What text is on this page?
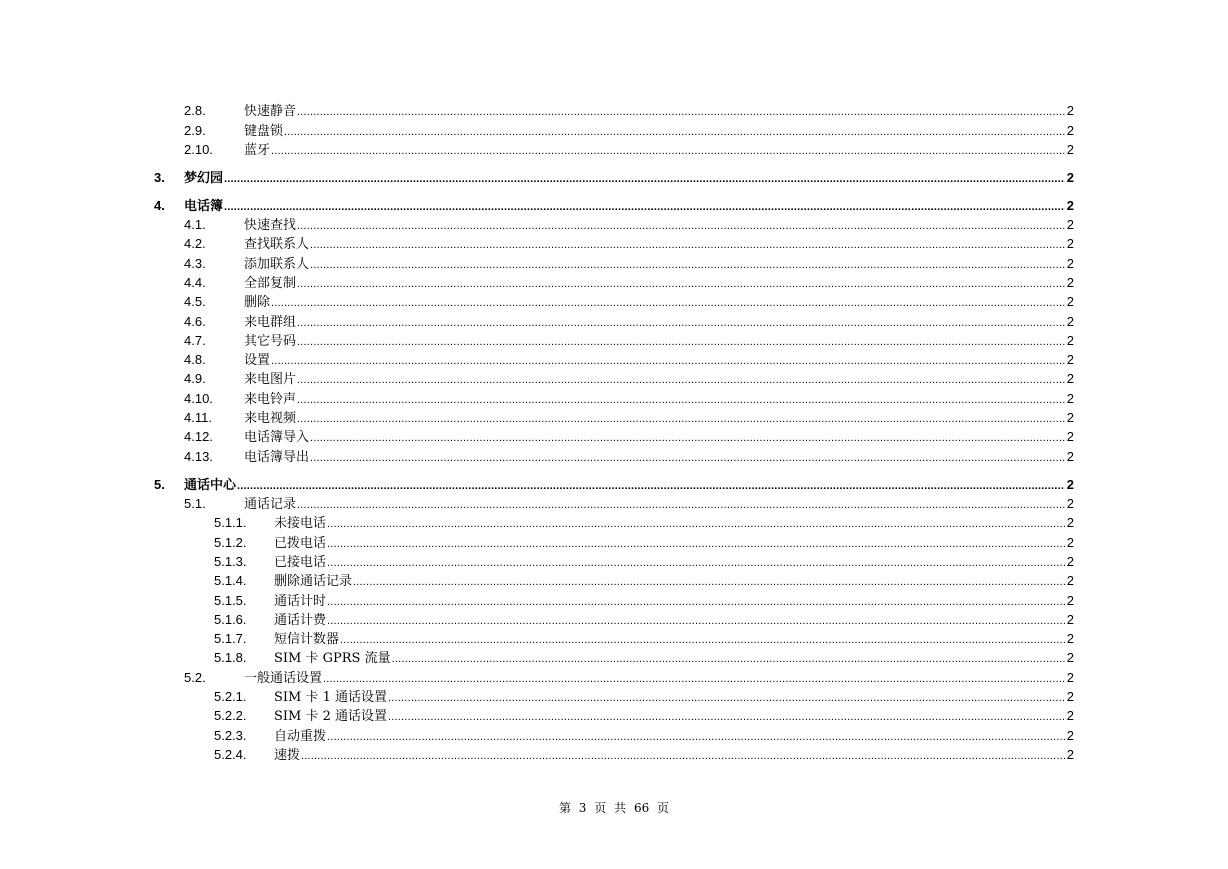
2.8.	快速静音 .....	2
2.9.	键盘锁 .....	2
2.10. 蓝牙 .....	2
3. 梦幻园 .....	2
4. 电话簿 .....	2
4.1.	快速查找 .....	2
4.2.	查找联系人 .....	2
4.3.	添加联系人 .....	2
4.4.	全部复制 .....	2
4.5.	删除 .....	2
4.6.	来电群组 .....	2
4.7.	其它号码 .....	2
4.8.	设置 .....	2
4.9.	来电图片 .....	2
4.10. 来电铃声 .....	2
4.11. 来电视频 .....	2
4.12. 电话簿导入 .....	2
4.13. 电话簿导出 .....	2
5. 通话中心 .....	2
5.1.	通话记录 .....	2
5.1.1. 未接电话 .....	2
5.1.2. 已拨电话 .....	2
5.1.3. 已接电话 .....	2
5.1.4. 删除通话记录 .....	2
5.1.5. 通话计时 .....	2
5.1.6. 通话计费 .....	2
5.1.7. 短信计数器 .....	2
5.1.8. SIM 卡 GPRS 流量 .....	2
5.2.	一般通话设置 .....	2
5.2.1. SIM 卡 1 通话设置 .....	2
5.2.2. SIM 卡 2 通话设置 .....	2
5.2.3. 自动重拨 .....	2
5.2.4. 速拨 .....	2
第 3 页 共 66 页
